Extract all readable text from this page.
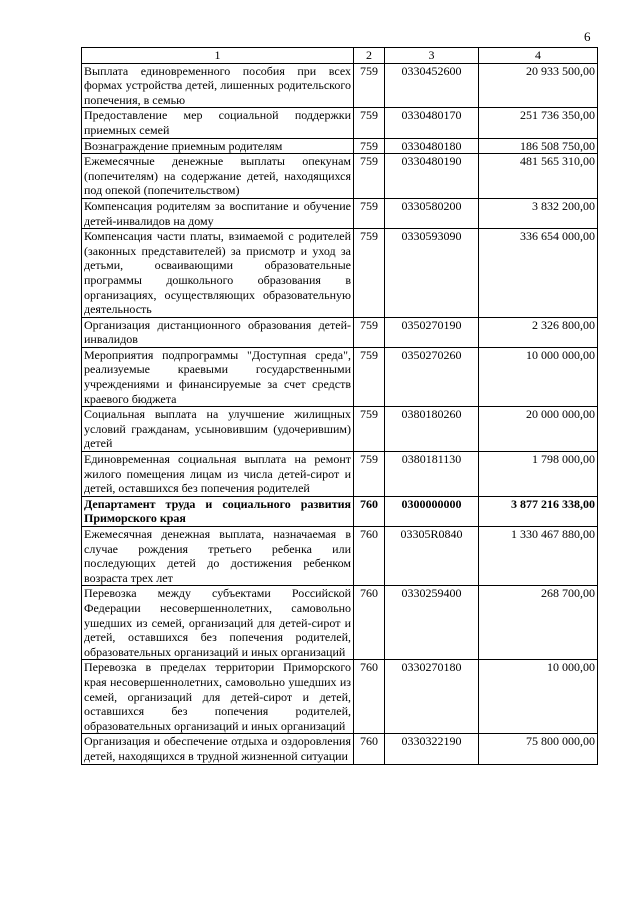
6
1	2	3	4
Выплата единовременного пособия при всех формах устройства детей, лишенных родительского попечения, в семью	759	0330452600	20 933 500,00
Предоставление мер социальной поддержки приемных семей	759	0330480170	251 736 350,00
Вознаграждение приемным родителям	759	0330480180	186 508 750,00
Ежемесячные денежные выплаты опекунам (попечителям) на содержание детей, находящихся под опекой (попечительством)	759	0330480190	481 565 310,00
Компенсация родителям за воспитание и обучение детей-инвалидов на дому	759	0330580200	3 832 200,00
Компенсация части платы, взимаемой с родителей (законных представителей) за присмотр и уход за детьми, осваивающими образовательные программы дошкольного образования в организациях, осуществляющих образовательную деятельность	759	0330593090	336 654 000,00
Организация дистанционного образования детей-инвалидов	759	0350270190	2 326 800,00
Мероприятия подпрограммы "Доступная среда", реализуемые краевыми государственными учреждениями и финансируемые за счет средств краевого бюджета	759	0350270260	10 000 000,00
Социальная выплата на улучшение жилищных условий гражданам, усыновившим (удочерившим) детей	759	0380180260	20 000 000,00
Единовременная социальная выплата на ремонт жилого помещения лицам из числа детей-сирот и детей, оставшихся без попечения родителей	759	0380181130	1 798 000,00
Департамент труда и социального развития Приморского края	760	0300000000	3 877 216 338,00
Ежемесячная денежная выплата, назначаемая в случае рождения третьего ребенка или последующих детей до достижения ребенком возраста трех лет	760	03305R0840	1 330 467 880,00
Перевозка между субъектами Российской Федерации несовершеннолетних, самовольно ушедших из семей, организаций для детей-сирот и детей, оставшихся без попечения родителей, образовательных организаций и иных организаций	760	0330259400	268 700,00
Перевозка в пределах территории Приморского края несовершеннолетних, самовольно ушедших из семей, организаций для детей-сирот и детей, оставшихся без попечения родителей, образовательных организаций и иных организаций	760	0330270180	10 000,00
Организация и обеспечение отдыха и оздоровления детей, находящихся в трудной жизненной ситуации	760	0330322190	75 800 000,00
